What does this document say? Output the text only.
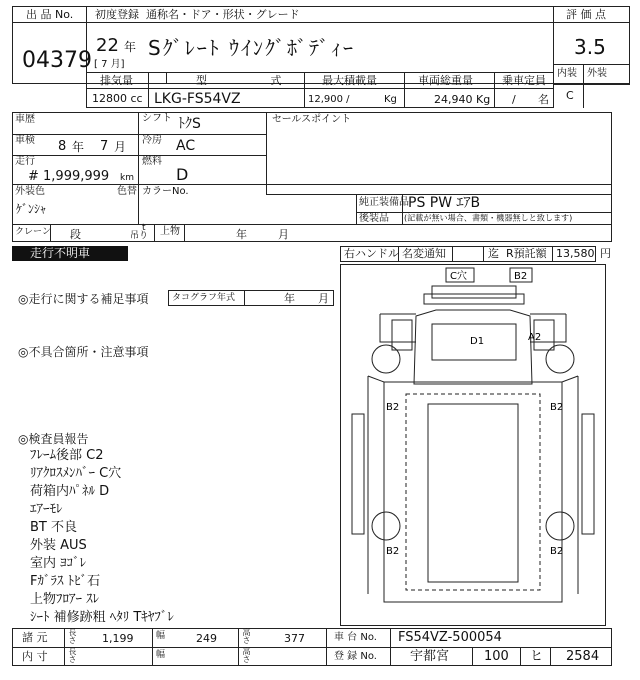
出 品 No.
04379
初度登録 通称名・ドア・形状・グレード	評 価 点
22 年
[ 7 月]
Sｸﾞﾚｰﾄ ｳｲﾝｸﾞﾎﾞﾃﾞｨｰ	3.5
内装 外装
C
排気量	型 式 最大積載量	車両総重量	乗車定員
12800 cc LKG-FS54VZ	12,900 /	Kg	24,940 Kg / 名
車歴	シフト ﾄｸS	セールスポイント
車検 8 年 7 月 冷房 AC
走行
# 1,999,999 km
燃料
D
外装色
ｹﾞﾝｼｬ
色替 カラーNo.
純正装備品 PS PW ｴｱB
後装品 (記載が無い場合、書類・機器無しと致します)
クレーン 段	t
吊り 上物	年	月
走行不明車	右ハンドル 名変通知	迄 R預託額 13,580 円
◎走行に関する補足事項	タコグラフ年式	年 月
◎不具合箇所・注意事項
◎検査員報告
ﾌﾚｰﾑ後部 C2
ﾘｱｸﾛｽﾒﾝﾊﾞｰ C穴
荷箱内ﾊﾟﾈﾙ D
ｴｱｰﾓﾚ
BT 不良
外装 AUS
室内 ﾖｺﾞﾚ
Fｶﾞﾗｽ ﾄﾋﾞ石
上物ﾌﾛｱｰ ｽﾚ
ｼｰﾄ 補修跡粗 ﾍﾀﾘ Tｷﾔﾌﾞﾚ
C穴	B2
D1	A2
B2	B2
B2	B2
諸 元	長さ 1,199	幅	249	高さ	377	車 台 No. FS54VZ-500054
内 寸	長さ	幅	高さ	登 録 No.	宇都宮	100 ヒ 2584
